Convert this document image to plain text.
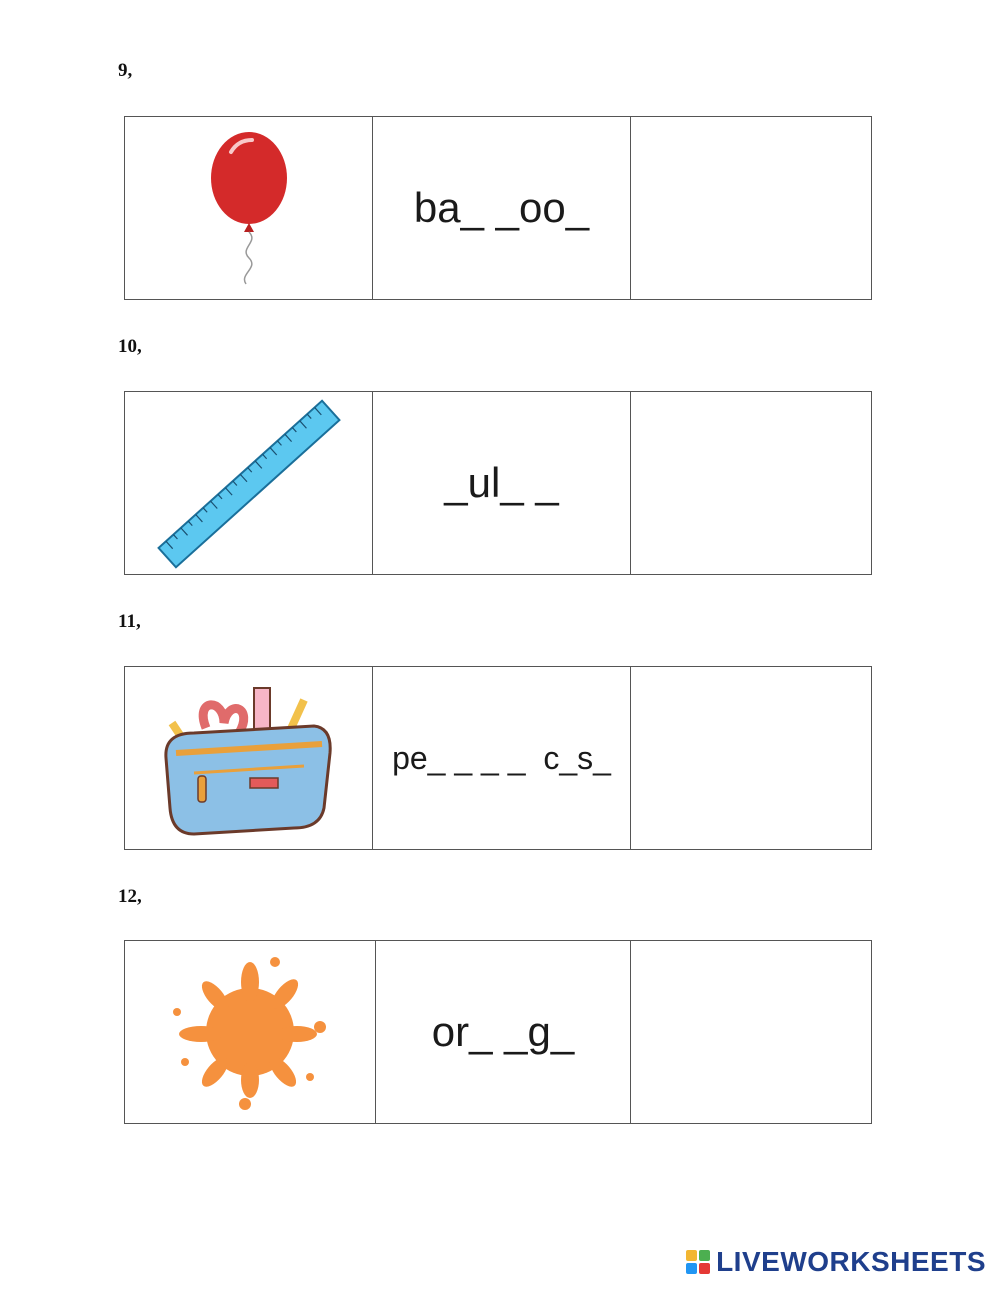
9,
ba_ _oo_
10,
_ul_ _
11,
pe_ _ _ _  c_s_
12,
or_ _g_
LIVEWORKSHEETS
